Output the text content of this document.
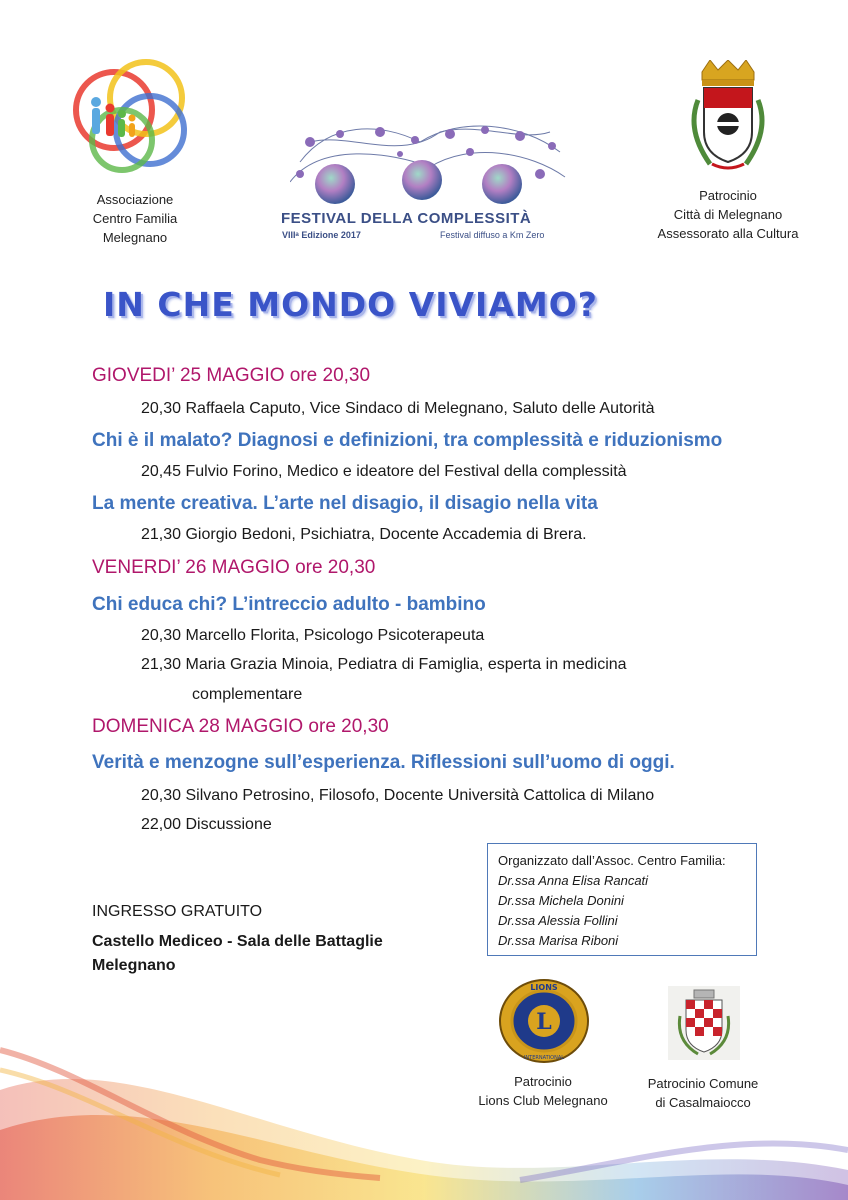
Associazione
Centro Familia
Melegnano
FESTIVAL DELLA COMPLESSITÀ
VIIIᵃ Edizione 2017	Festival diffuso a Km Zero
Patrocinio
Città di Melegnano
Assessorato alla Cultura
IN CHE MONDO VIVIAMO?
GIOVEDI’ 25 MAGGIO ore 20,30
20,30 Raffaela Caputo, Vice Sindaco di Melegnano, Saluto delle Autorità
Chi è il malato? Diagnosi e definizioni, tra complessità e riduzionismo
20,45 Fulvio Forino, Medico e ideatore del Festival della complessità
La mente creativa. L’arte nel disagio, il disagio nella vita
21,30 Giorgio Bedoni, Psichiatra, Docente Accademia di Brera.
VENERDI’ 26 MAGGIO ore 20,30
Chi educa chi? L’intreccio adulto - bambino
20,30 Marcello Florita, Psicologo Psicoterapeuta
21,30 Maria Grazia Minoia, Pediatra di Famiglia, esperta in medicina
complementare
DOMENICA 28 MAGGIO ore 20,30
Verità e menzogne sull’esperienza. Riflessioni sull’uomo di oggi.
20,30 Silvano Petrosino, Filosofo, Docente Università Cattolica di Milano
22,00 Discussione
Organizzato dall’Assoc. Centro Familia:
Dr.ssa Anna Elisa Rancati
Dr.ssa Michela Donini
Dr.ssa Alessia Follini
Dr.ssa Marisa Riboni
INGRESSO GRATUITO
Castello Mediceo - Sala delle Battaglie
Melegnano
L
LIONS
INTERNATIONAL
Patrocinio
Lions Club Melegnano
Patrocinio Comune
di Casalmaiocco
